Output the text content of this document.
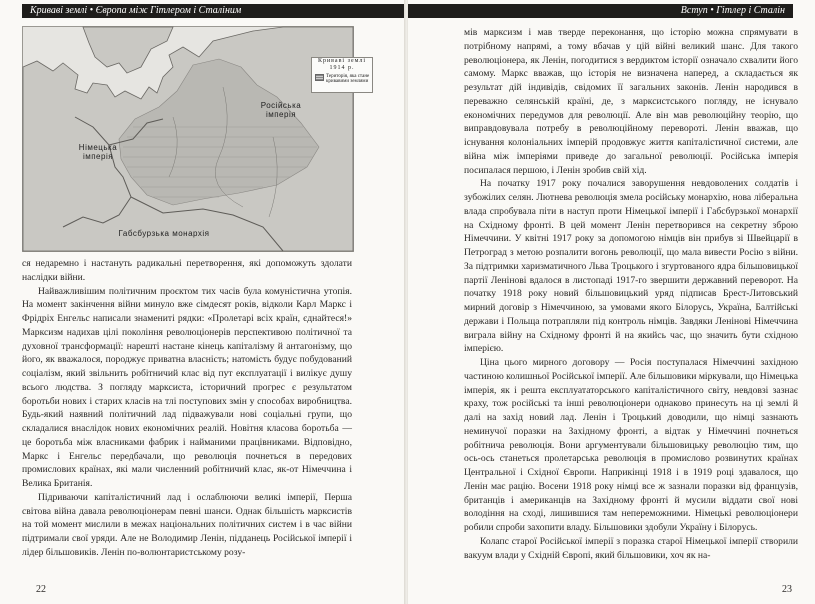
Криваві землі • Європа між Гітлером і Сталіним
Криваві землі
1914 р.
Територія, яка стане кривавими землями
Російська імперія
Німецька імперія
Габсбурзька монархія

ся недаремно і настануть радикальні перетворення, які допоможуть здолати наслідки війни.

Найважливішим політичним проєктом тих часів була комуністична утопія. На момент закінчення війни минуло вже сімдесят років, відколи Карл Маркс і Фрідріх Енгельс написали знамениті рядки: «Пролетарі всіх країн, єднайтеся!» Марксизм надихав цілі покоління революціонерів перспективою політичної та духовної трансформації: нарешті настане кінець капіталізму й антагонізму, що його, як вважалося, породжує приватна власність; натомість будує побудований соціалізм, який звільнить робітничий клас від пут експлуатації і вилікує душу всього людства. З погляду марксиста, історичний прогрес є результатом боротьби нових і старих класів на тлі поступових змін у способах виробництва. Будь-який наявний політичний лад підважували нові соціальні групи, що складалися внаслідок нових економічних реалій. Новітня класова боротьба — це боротьба між власниками фабрик і найманими працівниками. Відповідно, Маркс і Енгельс передбачали, що революція почнеться в передових промислових країнах, які мали численний робітничий клас, як-от Німеччина і Велика Британія.

Підриваючи капіталістичний лад і ослаблюючи великі імперії, Перша світова війна давала революціонерам певні шанси. Однак більшість марксистів на той момент мислили в межах національних політичних систем і в час війни підтримали свої уряди. Але не Володимир Ленін, підданець Російської імперії і лідер більшовиків. Ленін по-волюнтаристському розу-

22
Вступ • Гітлер і Сталін

мів марксизм і мав тверде переконання, що історію можна спрямувати в потрібному напрямі, а тому вбачав у цій війні великий шанс. Для такого революціонера, як Ленін, погодитися з вердиктом історії означало схвалити його самому. Маркс вважав, що історія не визначена наперед, а складається як результат дій індивідів, свідомих її загальних законів. Ленін народився в переважно селянській країні, де, з марксистського погляду, не існувало економічних передумов для революції. Але він мав революційну теорію, що виправдовувала потребу в революційному перевороті. Ленін вважав, що існування колоніальних імперій продовжує життя капіталістичної системи, але війна між імперіями приведе до загальної революції. Російська імперія посипалася першою, і Ленін зробив свій хід.

На початку 1917 року почалися заворушення невдоволених солдатів і зубожілих селян. Лютнева революція змела російську монархію, нова ліберальна влада спробувала піти в наступ проти Німецької імперії і Габсбурзької монархії на Східному фронті. В цей момент Ленін перетворився на секретну зброю Німеччини. У квітні 1917 року за допомогою німців він прибув зі Швейцарії в Петроград з метою розпалити вогонь революції, що мала вивести Росію з війни. За підтримки харизматичного Льва Троцького і згуртованого ядра більшовицької партії Ленінові вдалося в листопаді 1917-го звершити державний переворот. На початку 1918 року новий більшовицький уряд підписав Брест-Литовський мирний договір з Німеччиною, за умовами якого Білорусь, Україна, Балтійські держави і Польща потрапляли під контроль німців. Завдяки Ленінові Німеччина виграла війну на Східному фронті й на якийсь час, що значить бути східною імперією.

Ціна цього мирного договору — Росія поступалася Німеччині західною частиною колишньої Російської імперії. Але більшовики міркували, що Німецька імперія, як і решта експлуататорського капіталістичного світу, невдовзі зазнає краху, тож російські та інші революціонери однаково принесуть на ці землі й далі на захід новий лад. Ленін і Троцький доводили, що німці зазнають неминучої поразки на Західному фронті, а відтак у Німеччині почнеться робітнича революція. Вони аргументували більшовицьку революцію тим, що ось-ось станеться пролетарська революція в промислово розвинутих країнах Центральної і Східної Європи. Наприкінці 1918 і в 1919 році здавалося, що Ленін має рацію. Восени 1918 року німці все ж зазнали поразки від французів, британців і американців на Західному фронті й мусили віддати свої нові володіння на сході, лишившися там непереможними. Німецькі революціонери робили спроби захопити владу. Більшовики здобули Україну і Білорусь.

Колапс старої Російської імперії з поразка старої Німецької імперії створили вакуум влади у Східній Європі, який більшовики, хоч як на-

23
